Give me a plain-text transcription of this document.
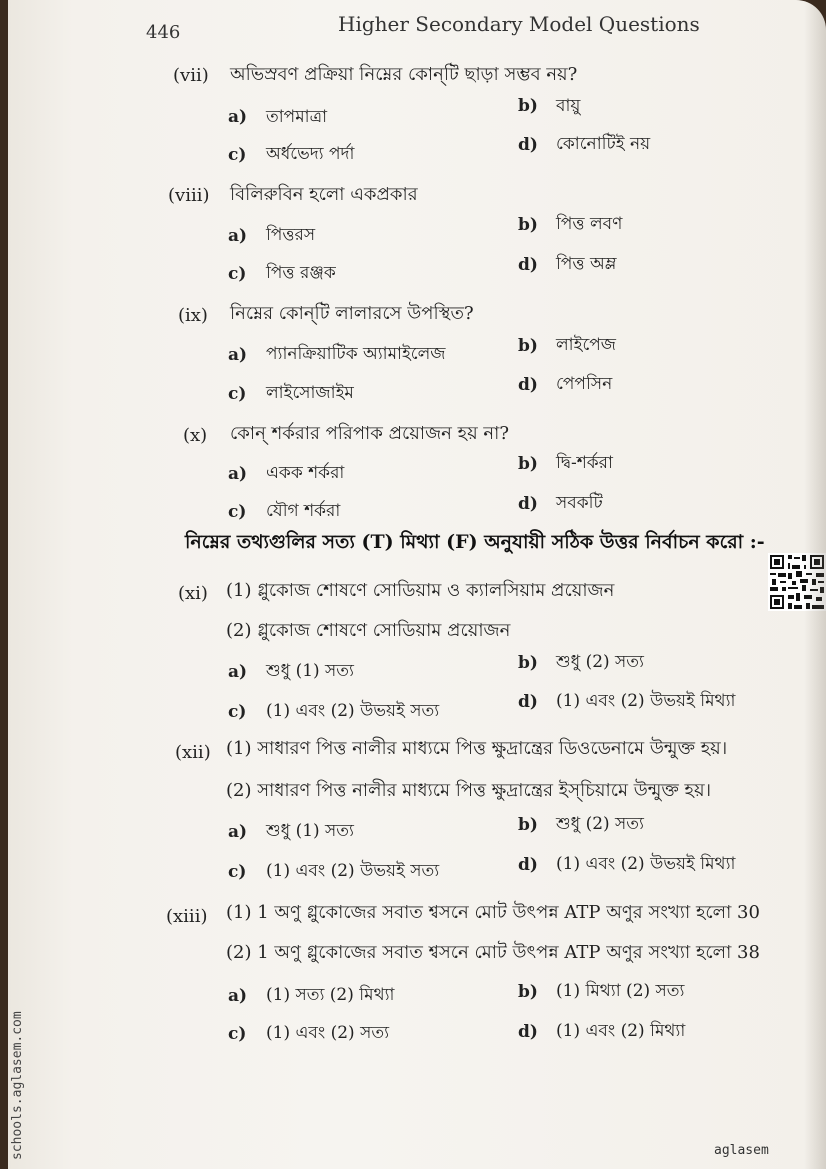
446	Higher Secondary Model Questions
(vii) অভিস্রবণ প্রক্রিয়া নিম্নের কোন্‌টি ছাড়া সম্ভব নয়?
a) তাপমাত্রা
b) বায়ু
c) অর্ধভেদ্য পর্দা	d) কোনোটিই নয়
(viii) বিলিরুবিন হলো একপ্রকার
a) পিত্তরস	b) পিত্ত লবণ
c) পিত্ত রঞ্জক	d) পিত্ত অম্ল
(ix) নিম্নের কোন্‌টি লালারসে উপস্থিত?
a) প্যানক্রিয়াটিক অ্যামাইলেজ	b) লাইপেজ
c) লাইসোজাইম	d) পেপসিন
(x) কোন্‌ শর্করার পরিপাক প্রয়োজন হয় না?
a) একক শর্করা	b) দ্বি-শর্করা
c) যৌগ শর্করা	d) সবকটি
নিম্নের তথ্যগুলির সত্য (T) মিথ্যা (F) অনুযায়ী সঠিক উত্তর নির্বাচন করো :-
(xi) (1) গ্লুকোজ শোষণে সোডিয়াম ও ক্যালসিয়াম প্রয়োজন
(2) গ্লুকোজ শোষণে সোডিয়াম প্রয়োজন
a) শুধু (1) সত্য	b) শুধু (2) সত্য
c) (1) এবং (2) উভয়ই সত্য	d) (1) এবং (2) উভয়ই মিথ্যা
(xii) (1) সাধারণ পিত্ত নালীর মাধ্যমে পিত্ত ক্ষুদ্রান্ত্রের ডিওডেনামে উন্মুক্ত হয়।
(2) সাধারণ পিত্ত নালীর মাধ্যমে পিত্ত ক্ষুদ্রান্ত্রের ইস্‌চিয়ামে উন্মুক্ত হয়।
a) শুধু (1) সত্য	b) শুধু (2) সত্য
c) (1) এবং (2) উভয়ই সত্য	d) (1) এবং (2) উভয়ই মিথ্যা
(xiii) (1) 1 অণু গ্লুকোজের সবাত শ্বসনে মোট উৎপন্ন ATP অণুর সংখ্যা হলো 30
(2) 1 অণু গ্লুকোজের সবাত শ্বসনে মোট উৎপন্ন ATP অণুর সংখ্যা হলো 38
a) (1) সত্য (2) মিথ্যা	b) (1) মিথ্যা (2) সত্য
c) (1) এবং (2) সত্য	d) (1) এবং (2) মিথ্যা
schools.aglasem.com	aglasem
